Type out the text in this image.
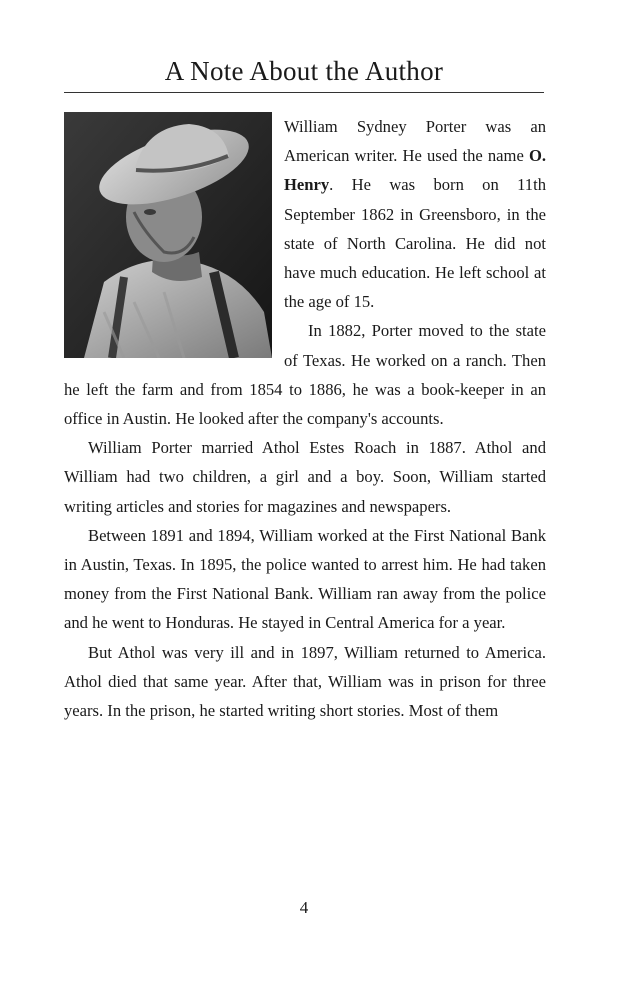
A Note About the Author

William Sydney Porter was an American writer. He used the name O. Henry. He was born on 11th September 1862 in Greensboro, in the state of North Carolina. He did not have much education. He left school at the age of 15.

In 1882, Porter moved to the state of Texas. He worked on a ranch. Then he left the farm and from 1854 to 1886, he was a book-keeper in an office in Austin. He looked after the company's accounts.

William Porter married Athol Estes Roach in 1887. Athol and William had two children, a girl and a boy. Soon, William started writing articles and stories for magazines and newspapers.

Between 1891 and 1894, William worked at the First National Bank in Austin, Texas. In 1895, the police wanted to arrest him. He had taken money from the First National Bank. William ran away from the police and he went to Honduras. He stayed in Central America for a year.

But Athol was very ill and in 1897, William returned to America. Athol died that same year. After that, William was in prison for three years. In the prison, he started writing short stories. Most of them

4
